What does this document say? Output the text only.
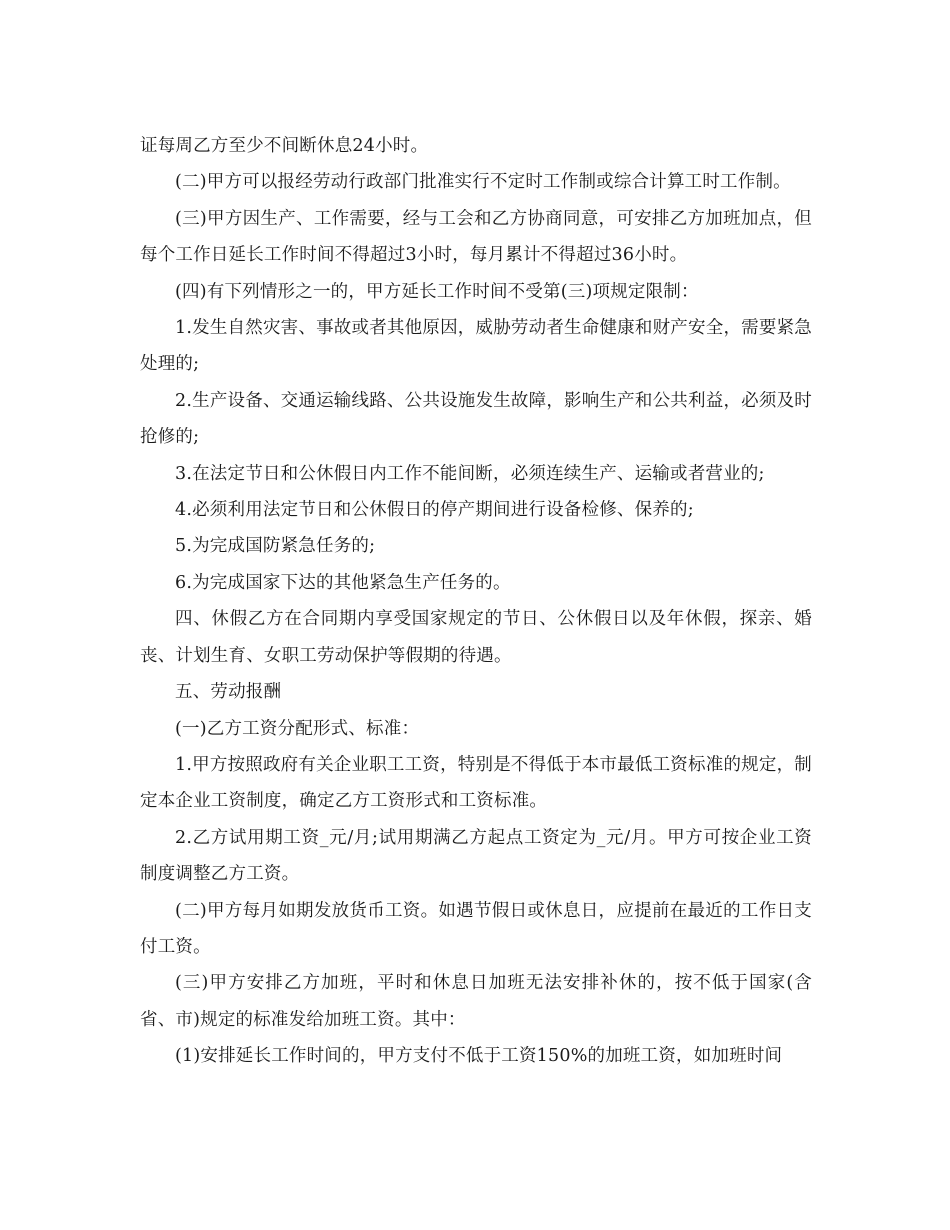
证每周乙方至少不间断休息24小时。

(二)甲方可以报经劳动行政部门批准实行不定时工作制或综合计算工时工作制。

(三)甲方因生产、工作需要，经与工会和乙方协商同意，可安排乙方加班加点，但每个工作日延长工作时间不得超过3小时，每月累计不得超过36小时。

(四)有下列情形之一的，甲方延长工作时间不受第(三)项规定限制：

1.发生自然灾害、事故或者其他原因，威胁劳动者生命健康和财产安全，需要紧急处理的;

2.生产设备、交通运输线路、公共设施发生故障，影响生产和公共利益，必须及时抢修的;

3.在法定节日和公休假日内工作不能间断，必须连续生产、运输或者营业的;

4.必须利用法定节日和公休假日的停产期间进行设备检修、保养的;

5.为完成国防紧急任务的;

6.为完成国家下达的其他紧急生产任务的。

四、休假乙方在合同期内享受国家规定的节日、公休假日以及年休假，探亲、婚丧、计划生育、女职工劳动保护等假期的待遇。

五、劳动报酬

(一)乙方工资分配形式、标准：

1.甲方按照政府有关企业职工工资，特别是不得低于本市最低工资标准的规定，制定本企业工资制度，确定乙方工资形式和工资标准。

2.乙方试用期工资_元/月;试用期满乙方起点工资定为_元/月。甲方可按企业工资制度调整乙方工资。

(二)甲方每月如期发放货币工资。如遇节假日或休息日，应提前在最近的工作日支付工资。

(三)甲方安排乙方加班，平时和休息日加班无法安排补休的，按不低于国家(含省、市)规定的标准发给加班工资。其中：

(1)安排延长工作时间的，甲方支付不低于工资150%的加班工资，如加班时间
